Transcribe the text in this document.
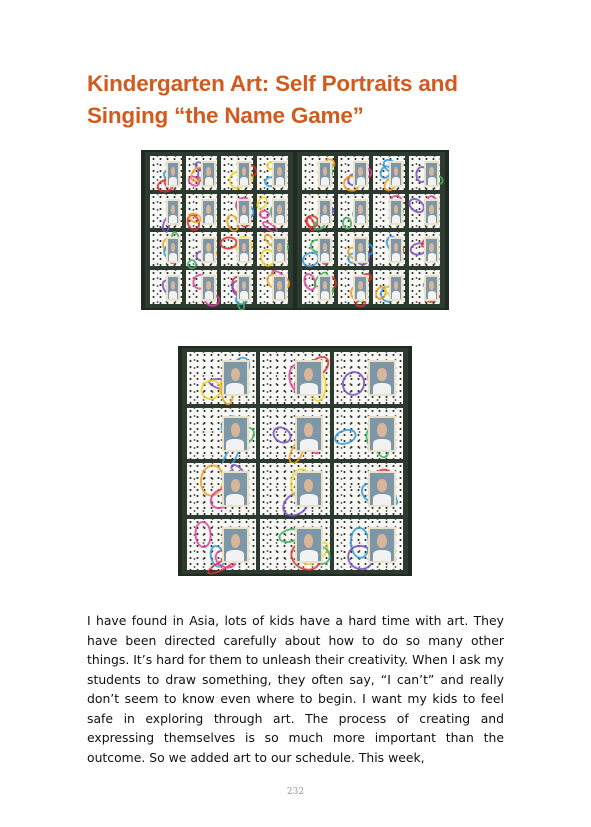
Kindergarten Art: Self Portraits and Singing “the Name Game”

I have found in Asia, lots of kids have a hard time with art. They have been directed carefully about how to do so many other things. It’s hard for them to unleash their creativity. When I ask my students to draw something, they often say, “I can’t” and really don’t seem to know even where to begin. I want my kids to feel safe in exploring through art. The process of creating and expressing themselves is so much more important than the outcome. So we added art to our schedule. This week,

232
